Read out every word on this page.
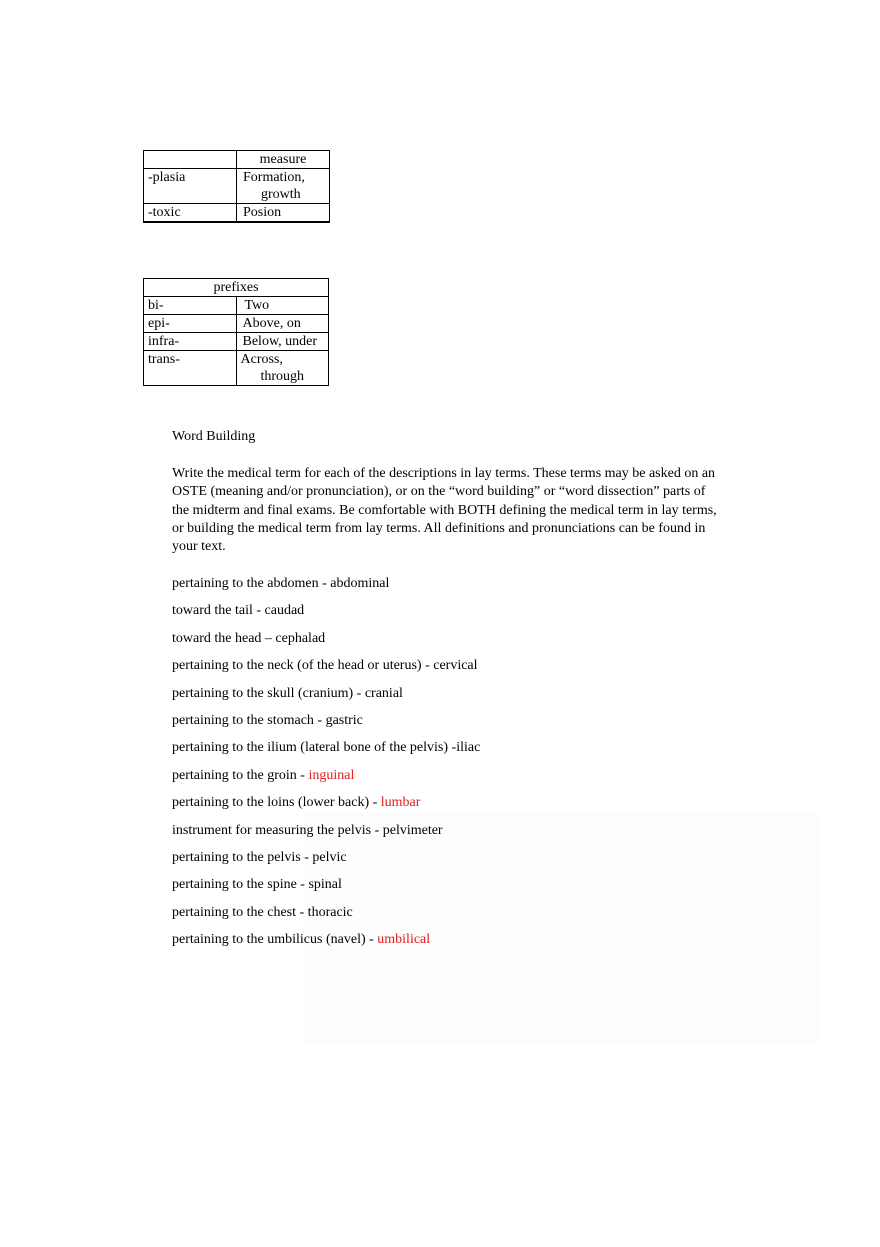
	measure
-plasia	Formation,
growth

-toxic	Posion

prefixes	
bi-	Two
epi-	Above, on
infra-	Below, under
trans-	Across,
through
Word Building
Write the medical term for each of the descriptions in lay terms. These terms may be asked on an OSTE (meaning and/or pronunciation), or on the “word building” or “word dissection” parts of the midterm and final exams. Be comfortable with BOTH defining the medical term in lay terms, or building the medical term from lay terms. All definitions and pronunciations can be found in your text.
pertaining to the abdomen - abdominal
toward the tail - caudad
toward the head – cephalad
pertaining to the neck (of the head or uterus) - cervical
pertaining to the skull (cranium) - cranial
pertaining to the stomach - gastric
pertaining to the ilium (lateral bone of the pelvis) -iliac
pertaining to the groin - inguinal
pertaining to the loins (lower back) - lumbar
instrument for measuring the pelvis - pelvimeter
pertaining to the pelvis - pelvic
pertaining to the spine - spinal
pertaining to the chest - thoracic
pertaining to the umbilicus (navel) - umbilical
